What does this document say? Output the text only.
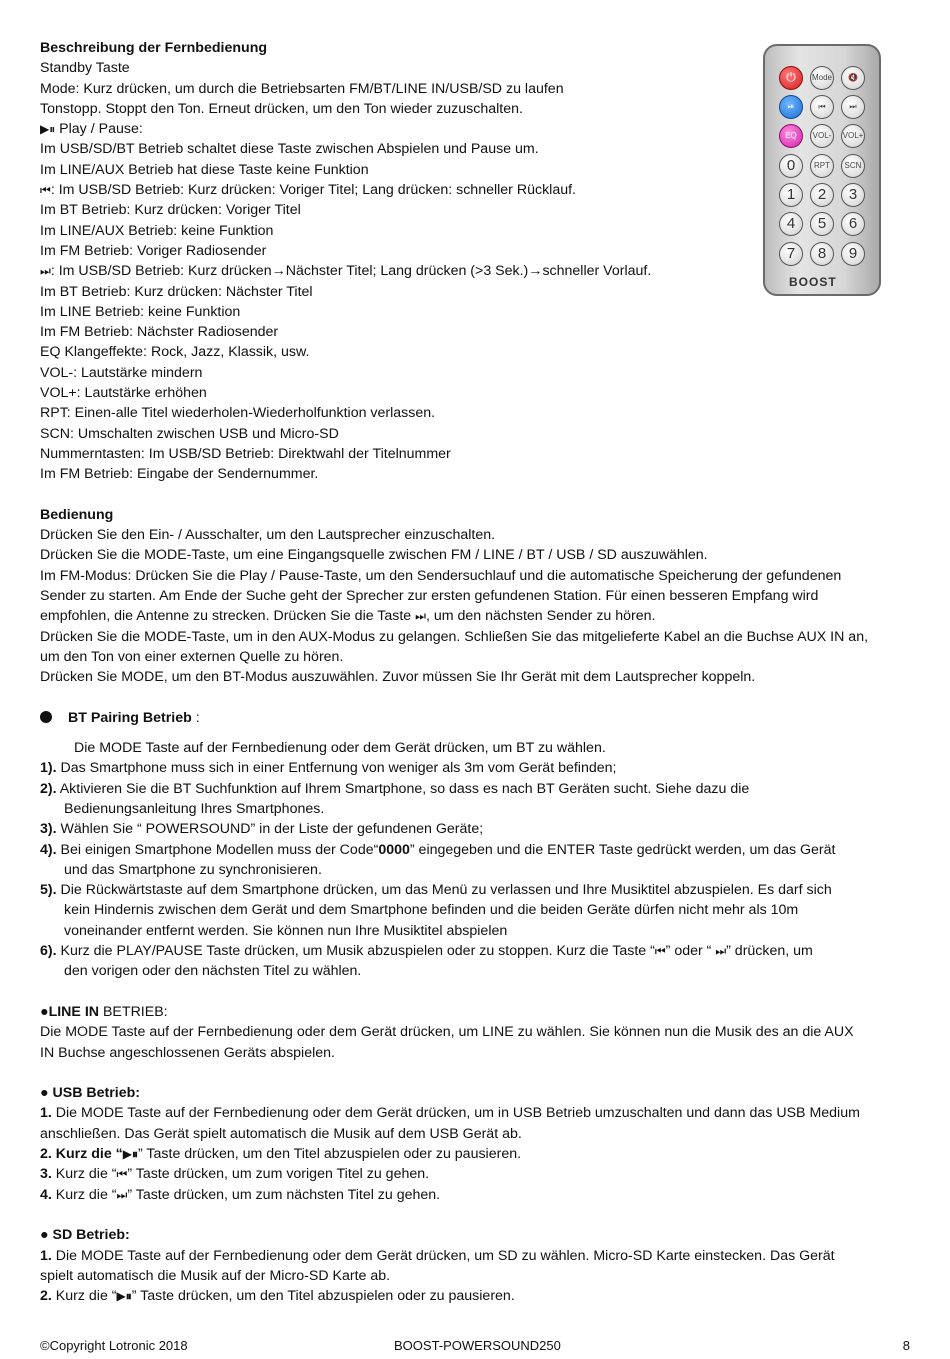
⏻	Mode	🔇
⏯	⏮	⏭
EQ	VOL-	VOL+
0	RPT	SCN
1	2	3
4	5	6
7	8	9
BOOST
Beschreibung der Fernbedienung
Standby Taste
Mode: Kurz drücken, um durch die Betriebsarten FM/BT/LINE IN/USB/SD zu laufen
Tonstopp. Stoppt den Ton. Erneut drücken, um den Ton wieder zuzuschalten.
▶︎⏸ Play / Pause:
Im USB/SD/BT Betrieb schaltet diese Taste zwischen Abspielen und Pause um.
Im LINE/AUX Betrieb hat diese Taste keine Funktion
⏮: Im USB/SD Betrieb: Kurz drücken: Voriger Titel; Lang drücken: schneller Rücklauf.
Im BT Betrieb: Kurz drücken: Voriger Titel
Im LINE/AUX Betrieb: keine Funktion
Im FM Betrieb: Voriger Radiosender
⏭: Im USB/SD Betrieb: Kurz drücken→Nächster Titel; Lang drücken (>3 Sek.)→schneller Vorlauf.
Im BT Betrieb: Kurz drücken: Nächster Titel
Im LINE Betrieb: keine Funktion
Im FM Betrieb: Nächster Radiosender
EQ Klangeffekte: Rock, Jazz, Klassik, usw.
VOL-: Lautstärke mindern
VOL+: Lautstärke erhöhen
RPT: Einen-alle Titel wiederholen-Wiederholfunktion verlassen.
SCN: Umschalten zwischen USB und Micro-SD
Nummerntasten: Im USB/SD Betrieb: Direktwahl der Titelnummer
Im FM Betrieb: Eingabe der Sendernummer.
Bedienung
Drücken Sie den Ein- / Ausschalter, um den Lautsprecher einzuschalten.
Drücken Sie die MODE-Taste, um eine Eingangsquelle zwischen FM / LINE / BT / USB / SD auszuwählen.
Im FM-Modus: Drücken Sie die Play / Pause-Taste, um den Sendersuchlauf und die automatische Speicherung der gefundenen
Sender zu starten. Am Ende der Suche geht der Sprecher zur ersten gefundenen Station. Für einen besseren Empfang wird
empfohlen, die Antenne zu strecken. Drücken Sie die Taste ⏭, um den nächsten Sender zu hören.
Drücken Sie die MODE-Taste, um in den AUX-Modus zu gelangen. Schließen Sie das mitgelieferte Kabel an die Buchse AUX IN an,
um den Ton von einer externen Quelle zu hören.
Drücken Sie MODE, um den BT-Modus auszuwählen. Zuvor müssen Sie Ihr Gerät mit dem Lautsprecher koppeln.
BT Pairing Betrieb :
Die MODE Taste auf der Fernbedienung oder dem Gerät drücken, um BT zu wählen.
1). Das Smartphone muss sich in einer Entfernung von weniger als 3m vom Gerät befinden;
2). Aktivieren Sie die BT Suchfunktion auf Ihrem Smartphone, so dass es nach BT Geräten sucht. Siehe dazu die
Bedienungsanleitung Ihres Smartphones.
3). Wählen Sie “ POWERSOUND” in der Liste der gefundenen Geräte;
4). Bei einigen Smartphone Modellen muss der Code“0000” eingegeben und die ENTER Taste gedrückt werden, um das Gerät
und das Smartphone zu synchronisieren.
5). Die Rückwärtstaste auf dem Smartphone drücken, um das Menü zu verlassen und Ihre Musiktitel abzuspielen. Es darf sich
kein Hindernis zwischen dem Gerät und dem Smartphone befinden und die beiden Geräte dürfen nicht mehr als 10m
voneinander entfernt werden. Sie können nun Ihre Musiktitel abspielen
6). Kurz die PLAY/PAUSE Taste drücken, um Musik abzuspielen oder zu stoppen. Kurz die Taste “⏮” oder “ ⏭” drücken, um
den vorigen oder den nächsten Titel zu wählen.
●LINE IN BETRIEB:
Die MODE Taste auf der Fernbedienung oder dem Gerät drücken, um LINE zu wählen. Sie können nun die Musik des an die AUX
IN Buchse angeschlossenen Geräts abspielen.
● USB Betrieb:
1. Die MODE Taste auf der Fernbedienung oder dem Gerät drücken, um in USB Betrieb umzuschalten und dann das USB Medium
anschließen. Das Gerät spielt automatisch die Musik auf dem USB Gerät ab.
2. Kurz die “▶⏸” Taste drücken, um den Titel abzuspielen oder zu pausieren.
3. Kurz die “⏮” Taste drücken, um zum vorigen Titel zu gehen.
4. Kurz die “⏭” Taste drücken, um zum nächsten Titel zu gehen.
● SD Betrieb:
1. Die MODE Taste auf der Fernbedienung oder dem Gerät drücken, um SD zu wählen. Micro-SD Karte einstecken. Das Gerät
spielt automatisch die Musik auf der Micro-SD Karte ab.
2. Kurz die “▶⏸” Taste drücken, um den Titel abzuspielen oder zu pausieren.
©Copyright Lotronic 2018	BOOST-POWERSOUND250	8
